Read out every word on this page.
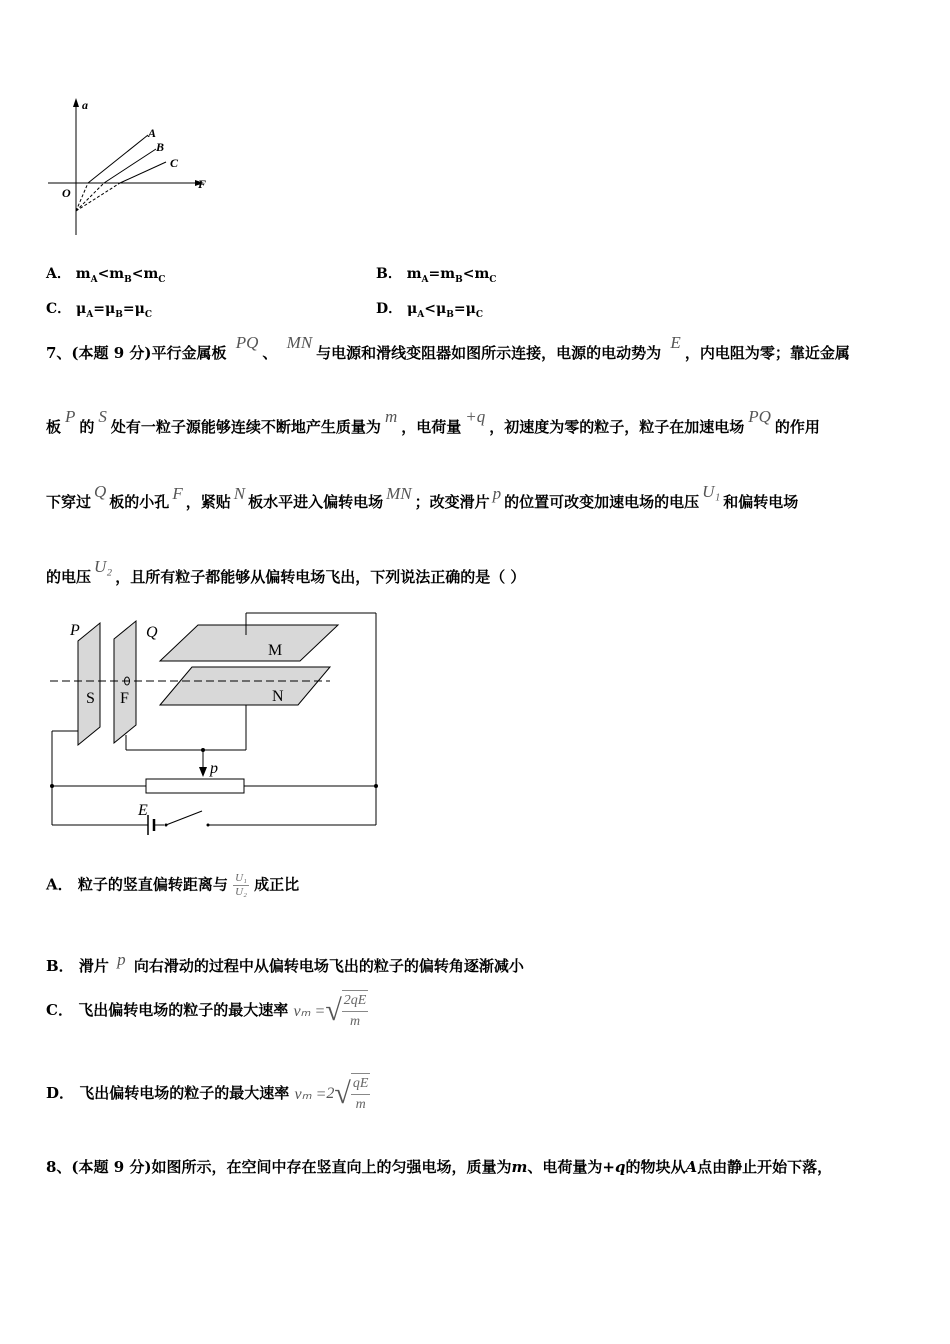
a
F
O
A
B
C
A． $m_A<m_B<m_C$	B． $m_A=m_B<m_C$
C． $\mu_A=\mu_B=\mu_C$	D． $\mu_A<\mu_B=\mu_C$
7、(本题 9 分)平行金属板 PQ、 MN与电源和滑线变阻器如图所示连接，电源的电动势为 E，内电阻为零；靠近金属
板P的S处有一粒子源能够连续不断地产生质量为m，电荷量+q，初速度为零的粒子，粒子在加速电场PQ的作用
下穿过Q板的小孔 F ，紧贴 N 板水平进入偏转电场 MN ；改变滑片 p 的位置可改变加速电场的电压U₁和偏转电场
的电压U₂，且所有粒子都能够从偏转电场飞出，下列说法正确的是（ ）
P	Q
M
N
S F
p
E
A． 粒子的竖直偏转距离与 $\frac{\text{U₁}}{\text{U₂}}$ 成正比
B． 滑片 p 向右滑动的过程中从偏转电场飞出的粒子的偏转角逐渐减小
C． 飞出偏转电场的粒子的最大速率 vₘ =√ $\frac{2qE}{m}$
D． 飞出偏转电场的粒子的最大速率 $v_m =2√ \frac{qE}{m}$
8、(本题 9 分)如图所示，在空间中存在竖直向上的匀强电场，质量为m、电荷量为+q的物块从A点由静止开始下落，
